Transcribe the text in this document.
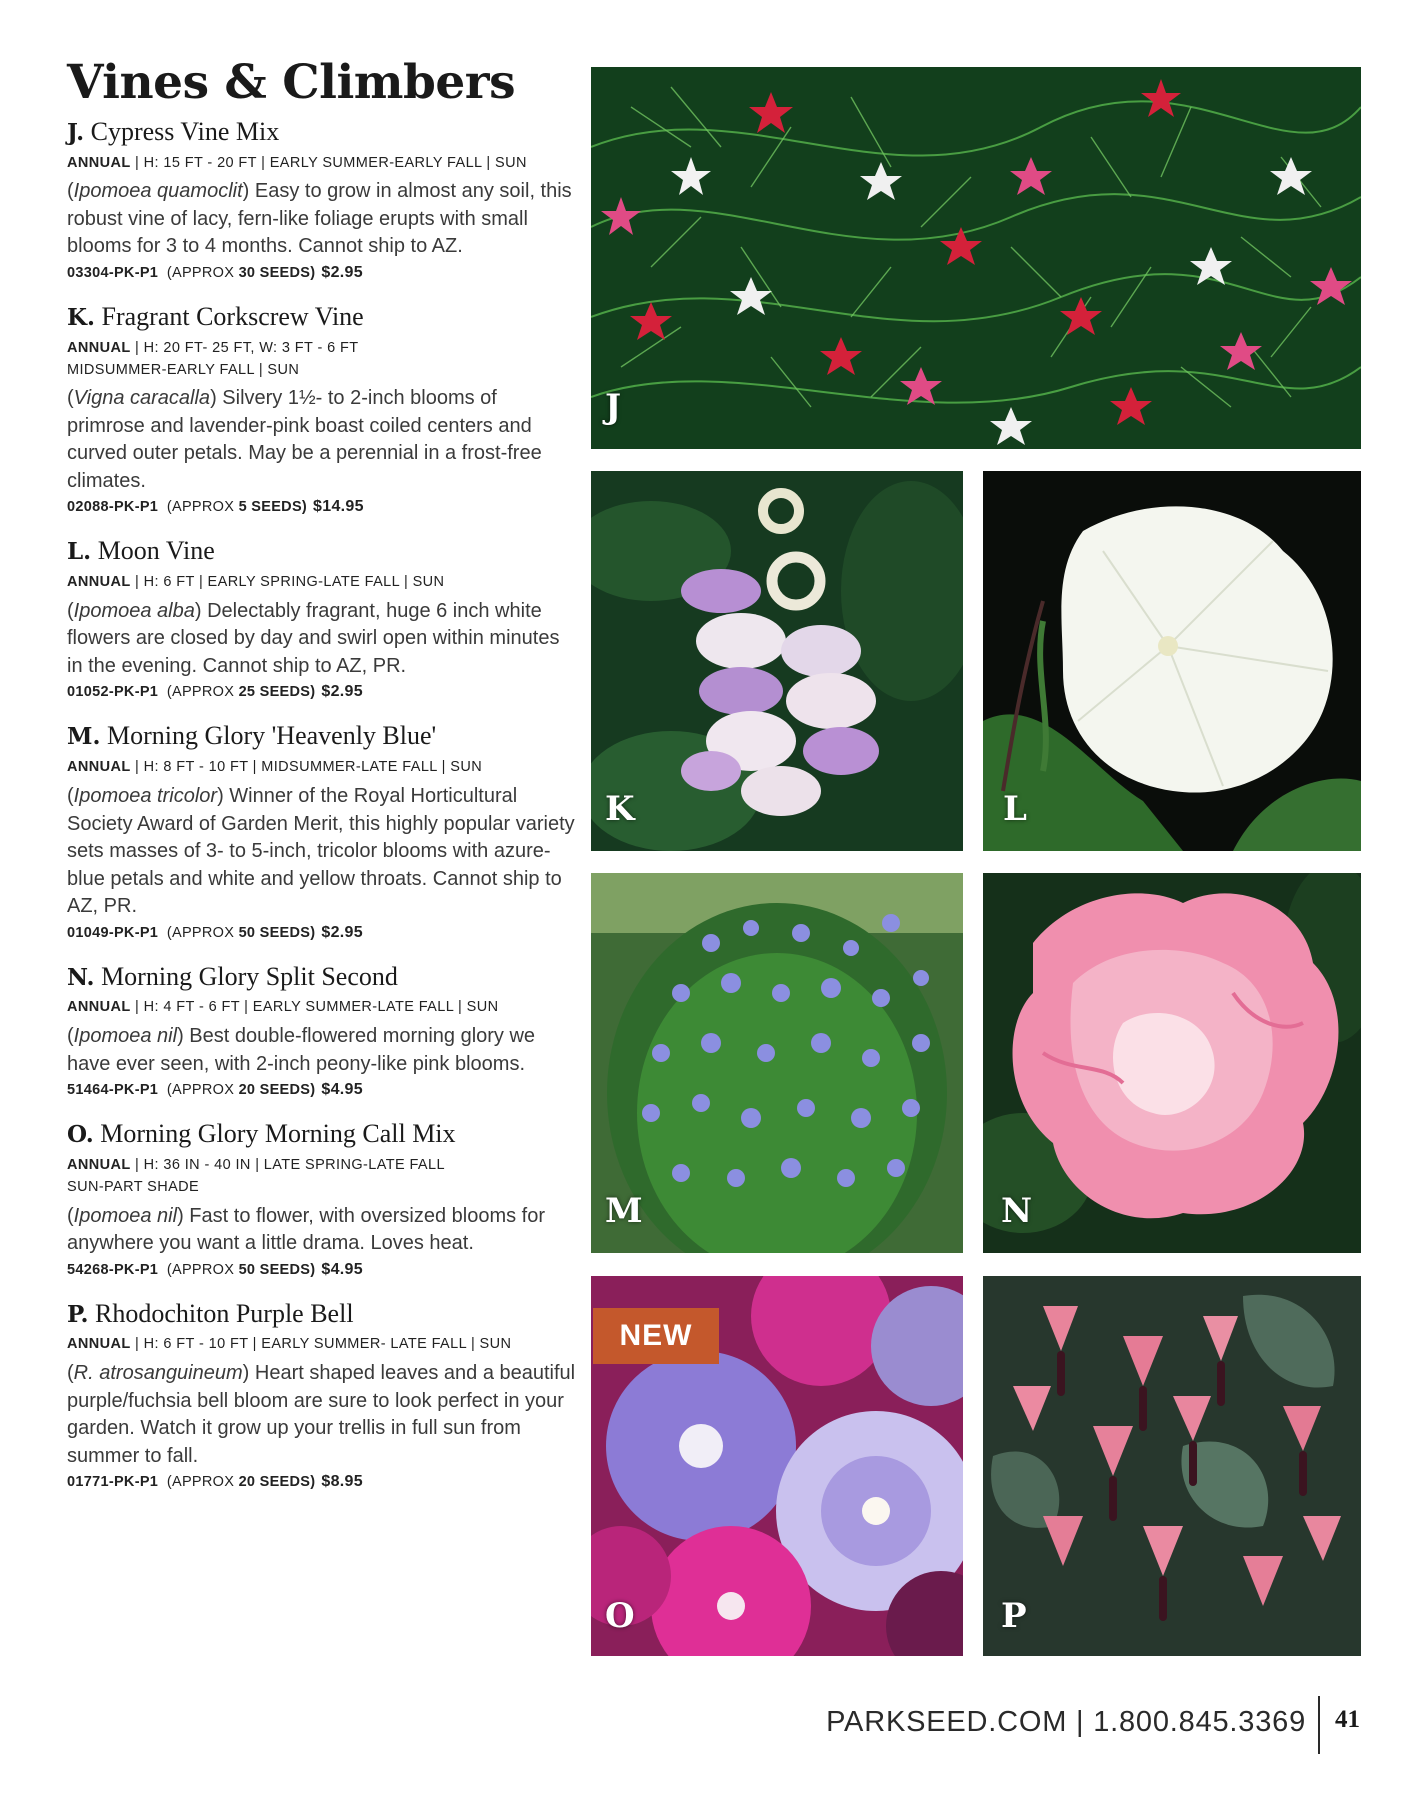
Vines & Climbers
J. Cypress Vine Mix
ANNUAL | H: 15 FT - 20 FT | EARLY SUMMER-EARLY FALL | SUN
(Ipomoea quamoclit) Easy to grow in almost any soil, this robust vine of lacy, fern-like foliage erupts with small blooms for 3 to 4 months. Cannot ship to AZ.
03304-PK-P1  (APPROX 30 SEEDS) $2.95
K. Fragrant Corkscrew Vine
ANNUAL | H: 20 FT- 25 FT, W: 3 FT - 6 FT
MIDSUMMER-EARLY FALL | SUN
(Vigna caracalla) Silvery 1½- to 2-inch blooms of primrose and lavender-pink boast coiled centers and curved outer petals. May be a perennial in a frost-free climates.
02088-PK-P1  (APPROX 5 SEEDS) $14.95
L. Moon Vine
ANNUAL | H: 6 FT | EARLY SPRING-LATE FALL | SUN
(Ipomoea alba) Delectably fragrant, huge 6 inch white flowers are closed by day and swirl open within minutes in the evening. Cannot ship to AZ, PR.
01052-PK-P1  (APPROX 25 SEEDS) $2.95
M. Morning Glory 'Heavenly Blue'
ANNUAL | H: 8 FT - 10 FT | MIDSUMMER-LATE FALL | SUN
(Ipomoea tricolor) Winner of the Royal Horticultural Society Award of Garden Merit, this highly popular variety sets masses of 3- to 5-inch, tricolor blooms with azure-blue petals and white and yellow throats. Cannot ship to AZ, PR.
01049-PK-P1  (APPROX 50 SEEDS) $2.95
N. Morning Glory Split Second
ANNUAL | H: 4 FT - 6 FT | EARLY SUMMER-LATE FALL | SUN
(Ipomoea nil) Best double-flowered morning glory we have ever seen, with 2-inch peony-like pink blooms.
51464-PK-P1  (APPROX 20 SEEDS) $4.95
O. Morning Glory Morning Call Mix
ANNUAL | H: 36 IN - 40 IN | LATE SPRING-LATE FALL
SUN-PART SHADE
(Ipomoea nil) Fast to flower, with oversized blooms for anywhere you want a little drama. Loves heat.
54268-PK-P1  (APPROX 50 SEEDS) $4.95
P. Rhodochiton Purple Bell
ANNUAL | H: 6 FT - 10 FT | EARLY SUMMER- LATE FALL | SUN
(R. atrosanguineum) Heart shaped leaves and a beautiful purple/fuchsia bell bloom are sure to look perfect in your garden. Watch it grow up your trellis in full sun from summer to fall.
01771-PK-P1  (APPROX 20 SEEDS) $8.95
J
K	L
M	N
NEW
O	P
PARKSEED.COM | 1.800.845.3369 41
